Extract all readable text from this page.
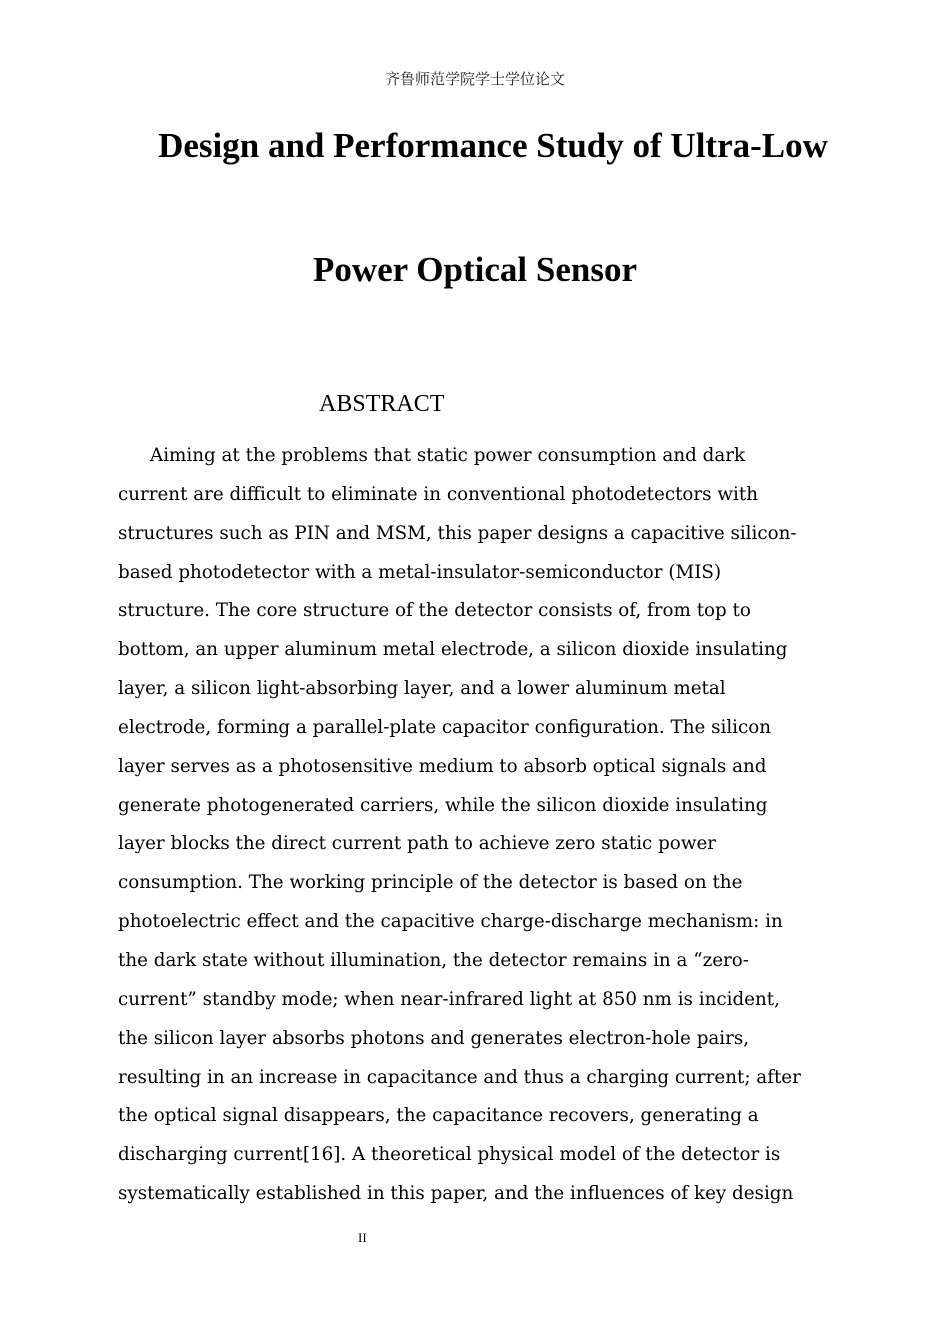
齐鲁师范学院学士学位论文
Design and Performance Study of Ultra-Low
Power Optical Sensor
ABSTRACT
Aiming at the problems that static power consumption and dark
current are difficult to eliminate in conventional photodetectors with
structures such as PIN and MSM, this paper designs a capacitive silicon-
based photodetector with a metal-insulator-semiconductor (MIS)
structure. The core structure of the detector consists of, from top to
bottom, an upper aluminum metal electrode, a silicon dioxide insulating
layer, a silicon light-absorbing layer, and a lower aluminum metal
electrode, forming a parallel-plate capacitor configuration. The silicon
layer serves as a photosensitive medium to absorb optical signals and
generate photogenerated carriers, while the silicon dioxide insulating
layer blocks the direct current path to achieve zero static power
consumption. The working principle of the detector is based on the
photoelectric effect and the capacitive charge-discharge mechanism: in
the dark state without illumination, the detector remains in a “zero-
current” standby mode; when near-infrared light at 850 nm is incident,
the silicon layer absorbs photons and generates electron-hole pairs,
resulting in an increase in capacitance and thus a charging current; after
the optical signal disappears, the capacitance recovers, generating a
discharging current[16]. A theoretical physical model of the detector is
systematically established in this paper, and the influences of key design
II
